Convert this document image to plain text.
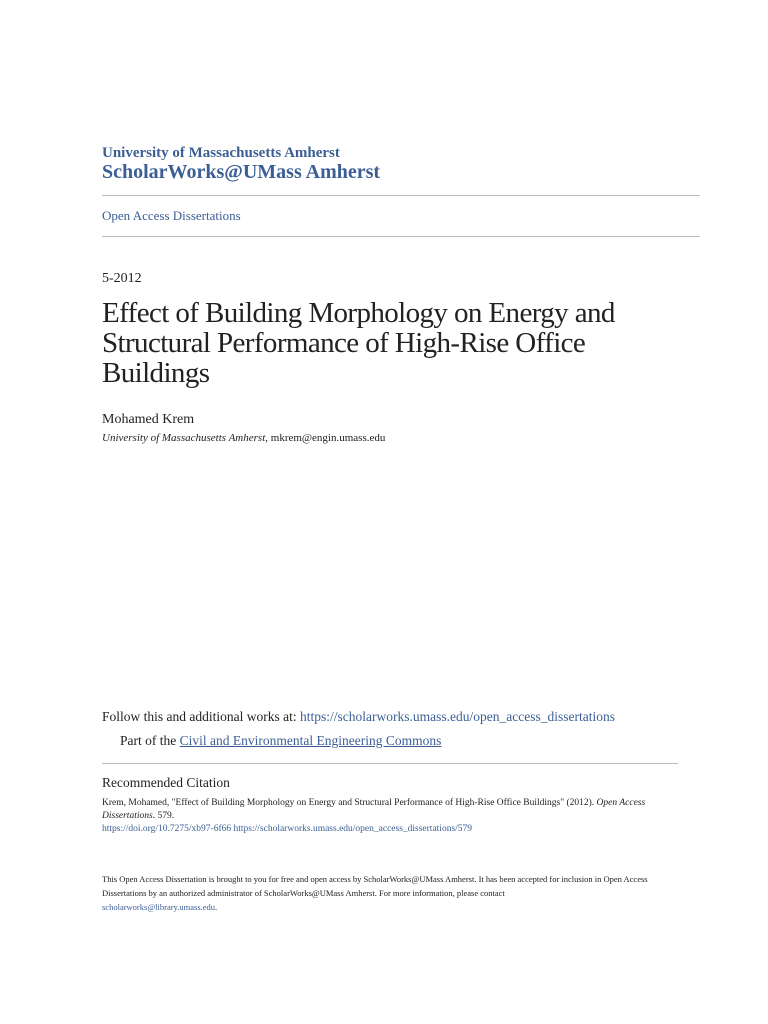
University of Massachusetts Amherst
ScholarWorks@UMass Amherst
Open Access Dissertations
5-2012
Effect of Building Morphology on Energy and Structural Performance of High-Rise Office Buildings
Mohamed Krem
University of Massachusetts Amherst, mkrem@engin.umass.edu
Follow this and additional works at: https://scholarworks.umass.edu/open_access_dissertations
Part of the Civil and Environmental Engineering Commons
Recommended Citation
Krem, Mohamed, "Effect of Building Morphology on Energy and Structural Performance of High-Rise Office Buildings" (2012). Open Access Dissertations. 579.
https://doi.org/10.7275/xb97-6f66 https://scholarworks.umass.edu/open_access_dissertations/579
This Open Access Dissertation is brought to you for free and open access by ScholarWorks@UMass Amherst. It has been accepted for inclusion in Open Access Dissertations by an authorized administrator of ScholarWorks@UMass Amherst. For more information, please contact
scholarworks@library.umass.edu.
